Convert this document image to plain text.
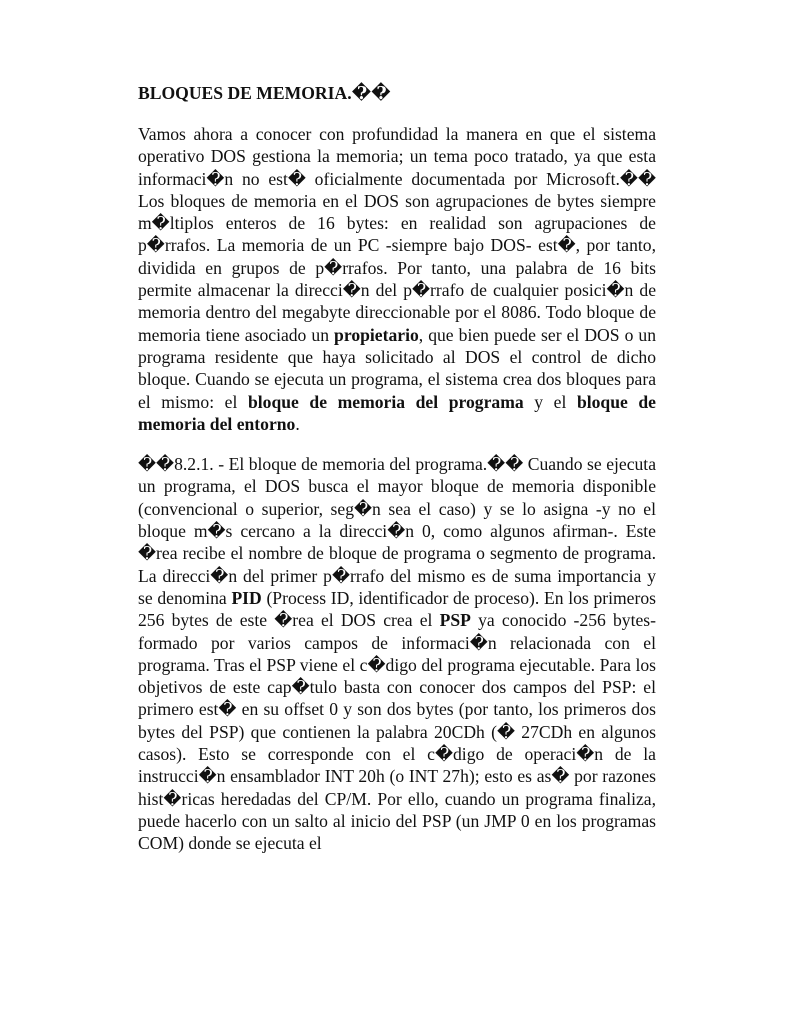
BLOQUES DE MEMORIA.��

Vamos ahora a conocer con profundidad la manera en que el sistema operativo DOS gestiona la memoria; un tema poco tratado, ya que esta informaci�n no est� oficialmente documentada por Microsoft.�� Los bloques de memoria en el DOS son agrupaciones de bytes siempre m�ltiplos enteros de 16 bytes: en realidad son agrupaciones de p�rrafos. La memoria de un PC -siempre bajo DOS- est�, por tanto, dividida en grupos de p�rrafos. Por tanto, una palabra de 16 bits permite almacenar la direcci�n del p�rrafo de cualquier posici�n de memoria dentro del megabyte direccionable por el 8086. Todo bloque de memoria tiene asociado un propietario, que bien puede ser el DOS o un programa residente que haya solicitado al DOS el control de dicho bloque. Cuando se ejecuta un programa, el sistema crea dos bloques para el mismo: el bloque de memoria del programa y el bloque de memoria del entorno.

��8.2.1. - El bloque de memoria del programa.�� Cuando se ejecuta un programa, el DOS busca el mayor bloque de memoria disponible (convencional o superior, seg�n sea el caso) y se lo asigna -y no el bloque m�s cercano a la direcci�n 0, como algunos afirman-. Este �rea recibe el nombre de bloque de programa o segmento de programa. La direcci�n del primer p�rrafo del mismo es de suma importancia y se denomina PID (Process ID, identificador de proceso). En los primeros 256 bytes de este �rea el DOS crea el PSP ya conocido -256 bytes- formado por varios campos de informaci�n relacionada con el programa. Tras el PSP viene el c�digo del programa ejecutable. Para los objetivos de este cap�tulo basta con conocer dos campos del PSP: el primero est� en su offset 0 y son dos bytes (por tanto, los primeros dos bytes del PSP) que contienen la palabra 20CDh (� 27CDh en algunos casos). Esto se corresponde con el c�digo de operaci�n de la instrucci�n ensamblador INT 20h (o INT 27h); esto es as� por razones hist�ricas heredadas del CP/M. Por ello, cuando un programa finaliza, puede hacerlo con un salto al inicio del PSP (un JMP 0 en los programas COM) donde se ejecuta el
